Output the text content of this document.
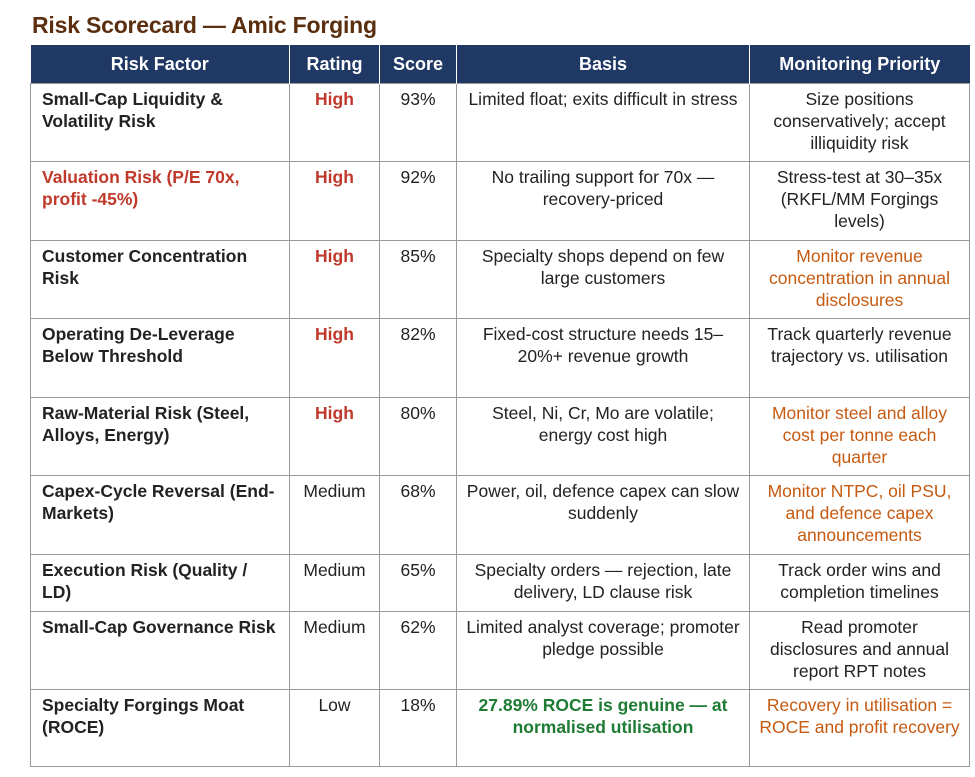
Risk Scorecard — Amic Forging
Risk Factor	Rating	Score	Basis	Monitoring Priority
Small-Cap Liquidity & Volatility Risk	High	93%	Limited float; exits difficult in stress	Size positions conservatively; accept illiquidity risk
Valuation Risk (P/E 70x, profit -45%)	High	92%	No trailing support for 70x — recovery-priced	Stress-test at 30–35x (RKFL/MM Forgings levels)
Customer Concentration Risk	High	85%	Specialty shops depend on few large customers	Monitor revenue concentration in annual disclosures
Operating De-Leverage Below Threshold	High	82%	Fixed-cost structure needs 15–20%+ revenue growth	Track quarterly revenue trajectory vs. utilisation
Raw-Material Risk (Steel, Alloys, Energy)	High	80%	Steel, Ni, Cr, Mo are volatile; energy cost high	Monitor steel and alloy cost per tonne each quarter
Capex-Cycle Reversal (End-Markets)	Medium	68%	Power, oil, defence capex can slow suddenly	Monitor NTPC, oil PSU, and defence capex announcements
Execution Risk (Quality / LD)	Medium	65%	Specialty orders — rejection, late delivery, LD clause risk	Track order wins and completion timelines
Small-Cap Governance Risk	Medium	62%	Limited analyst coverage; promoter pledge possible	Read promoter disclosures and annual report RPT notes
Specialty Forgings Moat (ROCE)	Low	18%	27.89% ROCE is genuine — at normalised utilisation	Recovery in utilisation = ROCE and profit recovery
